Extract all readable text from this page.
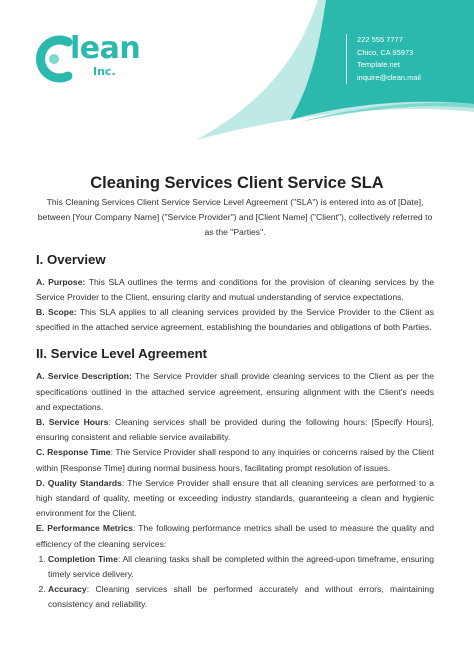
lean
Inc.
222 555 7777
Chico, CA 95973
Template.net
inquire@clean.mail
Cleaning Services Client Service SLA

This Cleaning Services Client Service Service Level Agreement ("SLA") is entered into as of [Date], between [Your Company Name] ("Service Provider") and [Client Name] ("Client"), collectively referred to as the "Parties".

I. Overview

A. Purpose: This SLA outlines the terms and conditions for the provision of cleaning services by the Service Provider to the Client, ensuring clarity and mutual understanding of service expectations.

B. Scope: This SLA applies to all cleaning services provided by the Service Provider to the Client as specified in the attached service agreement, establishing the boundaries and obligations of both Parties.

II. Service Level Agreement

A. Service Description: The Service Provider shall provide cleaning services to the Client as per the specifications outlined in the attached service agreement, ensuring alignment with the Client's needs and expectations.

B. Service Hours: Cleaning services shall be provided during the following hours: [Specify Hours], ensuring consistent and reliable service availability.

C. Response Time: The Service Provider shall respond to any inquiries or concerns raised by the Client within [Response Time] during normal business hours, facilitating prompt resolution of issues.

D. Quality Standards: The Service Provider shall ensure that all cleaning services are performed to a high standard of quality, meeting or exceeding industry standards, guaranteeing a clean and hygienic environment for the Client.

E. Performance Metrics: The following performance metrics shall be used to measure the quality and efficiency of the cleaning services:

1. Completion Time: All cleaning tasks shall be completed within the agreed-upon timeframe, ensuring timely service delivery.
2. Accuracy: Cleaning services shall be performed accurately and without errors, maintaining consistency and reliability.
